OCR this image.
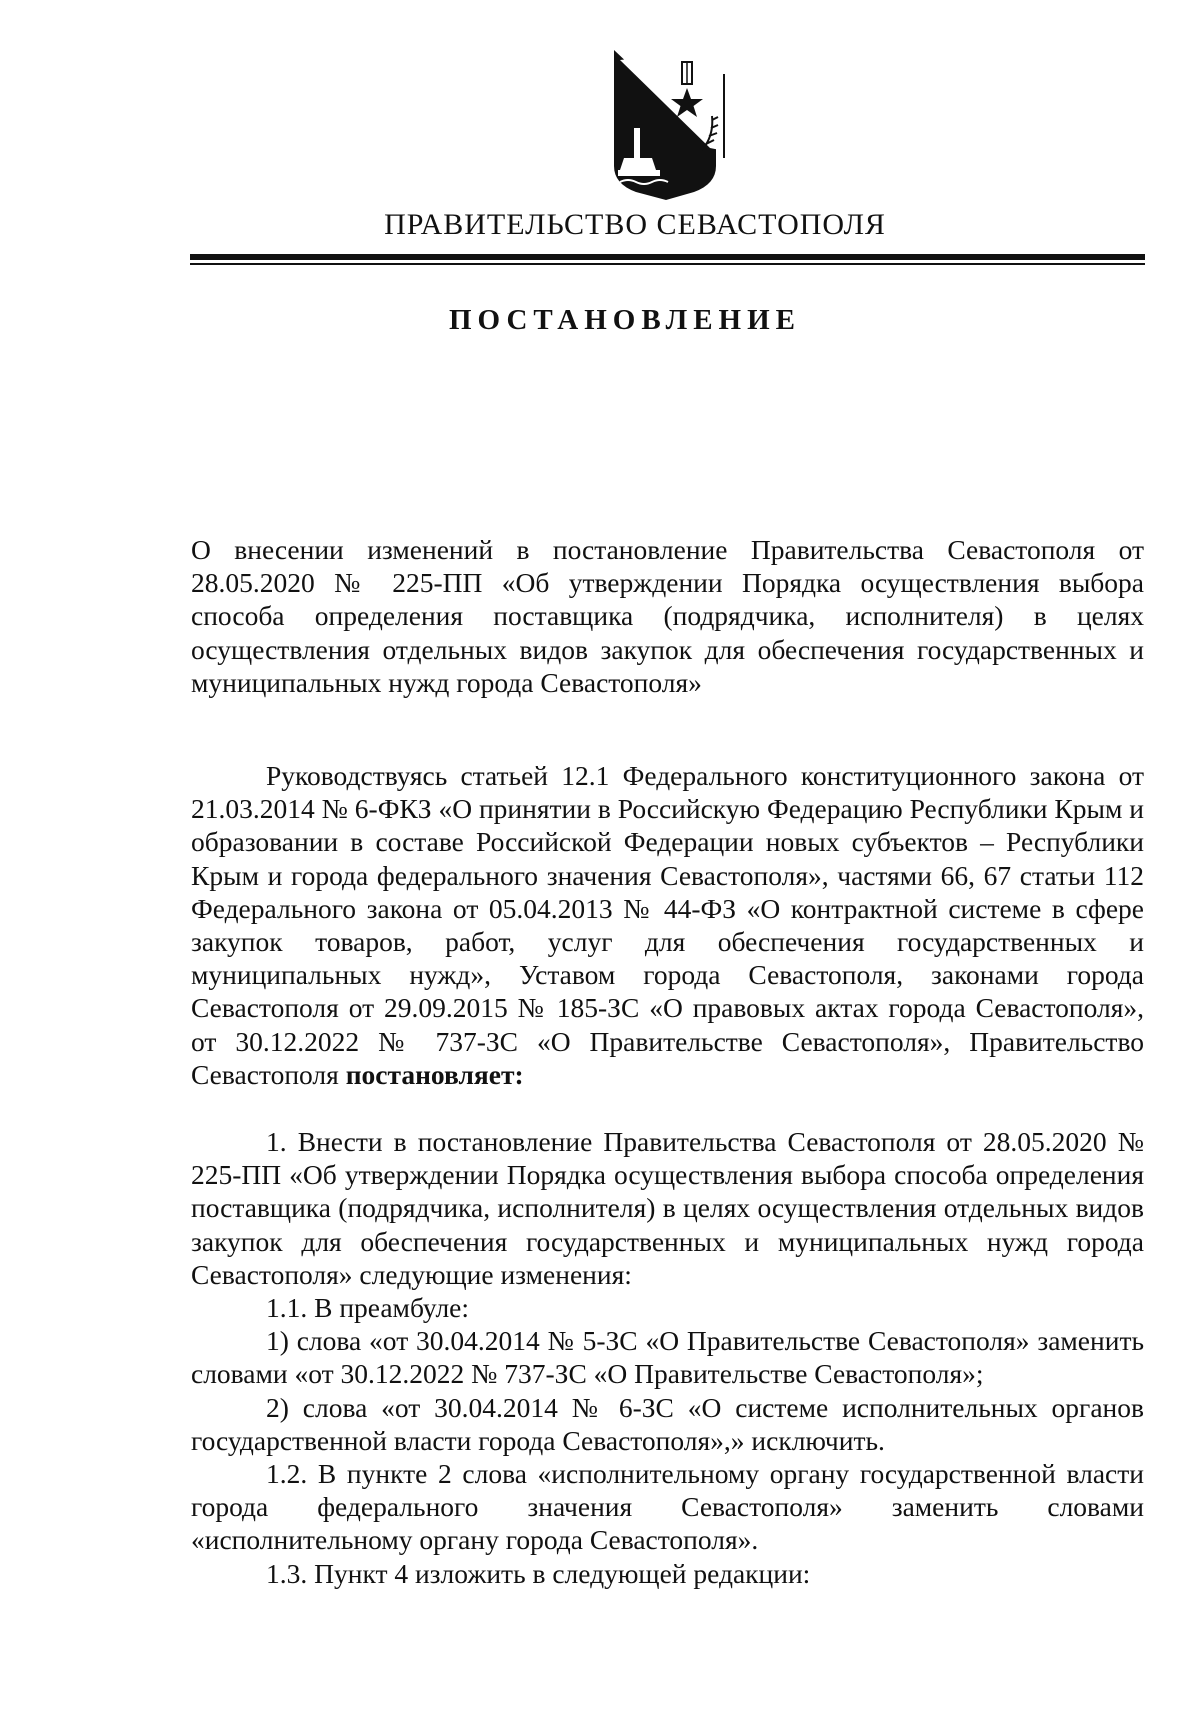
ПРАВИТЕЛЬСТВО СЕВАСТОПОЛЯ
ПОСТАНОВЛЕНИЕ

О внесении изменений в постановление Правительства Севастополя от 28.05.2020 № 225-ПП «Об утверждении Порядка осуществления выбора способа определения поставщика (подрядчика, исполнителя) в целях осуществления отдельных видов закупок для обеспечения государственных и муниципальных нужд города Севастополя»

Руководствуясь статьей 12.1 Федерального конституционного закона от 21.03.2014 № 6-ФКЗ «О принятии в Российскую Федерацию Республики Крым и образовании в составе Российской Федерации новых субъектов – Республики Крым и города федерального значения Севастополя», частями 66, 67 статьи 112 Федерального закона от 05.04.2013 № 44-ФЗ «О контрактной системе в сфере закупок товаров, работ, услуг для обеспечения государственных и муниципальных нужд», Уставом города Севастополя, законами города Севастополя от 29.09.2015 № 185-ЗС «О правовых актах города Севастополя», от 30.12.2022 № 737-ЗС «О Правительстве Севастополя», Правительство Севастополя постановляет:

1. Внести в постановление Правительства Севастополя от 28.05.2020 № 225-ПП «Об утверждении Порядка осуществления выбора способа определения поставщика (подрядчика, исполнителя) в целях осуществления отдельных видов закупок для обеспечения государственных и муниципальных нужд города Севастополя» следующие изменения:

1.1. В преамбуле:

1) слова «от 30.04.2014 № 5-ЗС «О Правительстве Севастополя» заменить словами «от 30.12.2022 № 737-ЗС «О Правительстве Севастополя»;

2) слова «от 30.04.2014 № 6-ЗС «О системе исполнительных органов государственной власти города Севастополя»,» исключить.

1.2. В пункте 2 слова «исполнительному органу государственной власти города федерального значения Севастополя» заменить словами «исполнительному органу города Севастополя».

1.3. Пункт 4 изложить в следующей редакции:
